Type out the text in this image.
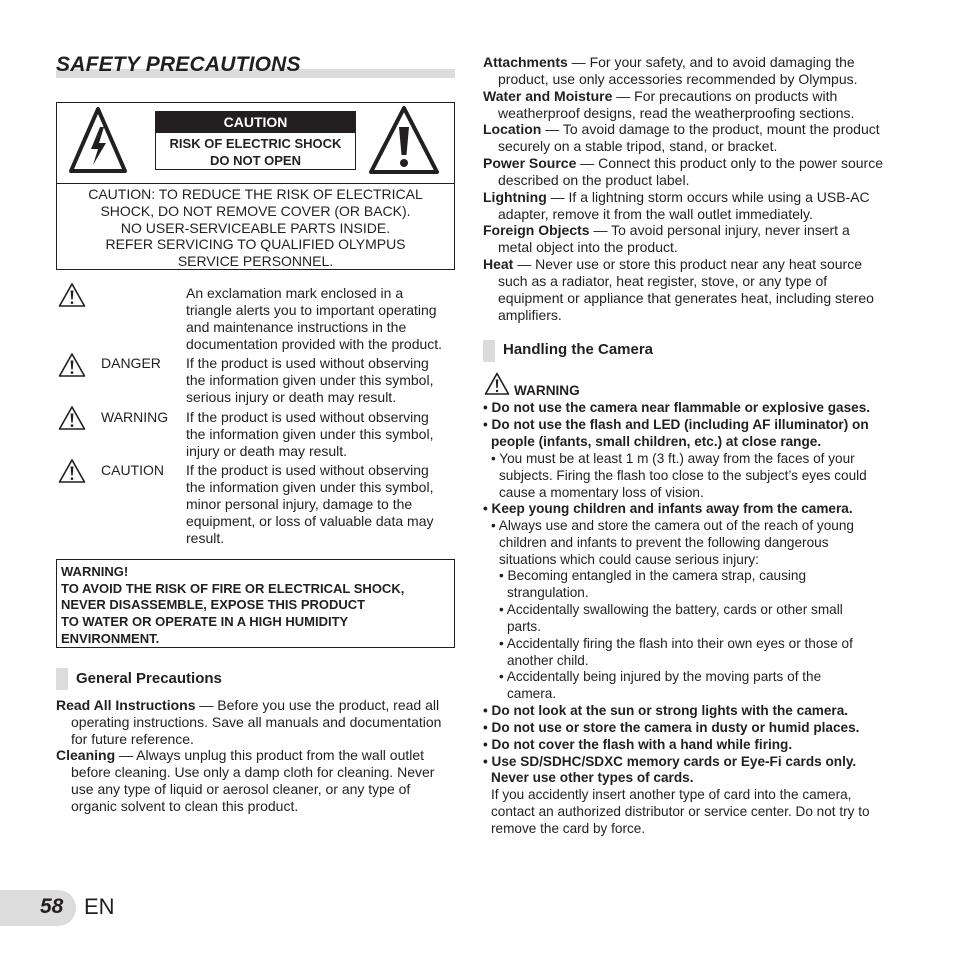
SAFETY PRECAUTIONS
CAUTION
RISK OF ELECTRIC SHOCK
DO NOT OPEN
CAUTION: TO REDUCE THE RISK OF ELECTRICAL
SHOCK, DO NOT REMOVE COVER (OR BACK).
NO USER-SERVICEABLE PARTS INSIDE.
REFER SERVICING TO QUALIFIED OLYMPUS
SERVICE PERSONNEL.
An exclamation mark enclosed in a
triangle alerts you to important operating
and maintenance instructions in the
documentation provided with the product.
DANGER If the product is used without observing
the information given under this symbol,
serious injury or death may result.
WARNING If the product is used without observing
the information given under this symbol,
injury or death may result.
CAUTION If the product is used without observing
the information given under this symbol,
minor personal injury, damage to the
equipment, or loss of valuable data may
result.
WARNING!
TO AVOID THE RISK OF FIRE OR ELECTRICAL SHOCK,
NEVER DISASSEMBLE, EXPOSE THIS PRODUCT
TO WATER OR OPERATE IN A HIGH HUMIDITY
ENVIRONMENT.
General Precautions
Read All Instructions — Before you use the product, read all operating instructions. Save all manuals and documentation for future reference.
Cleaning — Always unplug this product from the wall outlet before cleaning. Use only a damp cloth for cleaning. Never use any type of liquid or aerosol cleaner, or any type of organic solvent to clean this product.
Attachments — For your safety, and to avoid damaging the product, use only accessories recommended by Olympus.
Water and Moisture — For precautions on products with weatherproof designs, read the weatherproofing sections.
Location — To avoid damage to the product, mount the product securely on a stable tripod, stand, or bracket.
Power Source — Connect this product only to the power source described on the product label.
Lightning — If a lightning storm occurs while using a USB-AC adapter, remove it from the wall outlet immediately.
Foreign Objects — To avoid personal injury, never insert a metal object into the product.
Heat — Never use or store this product near any heat source such as a radiator, heat register, stove, or any type of equipment or appliance that generates heat, including stereo amplifiers.
Handling the Camera
WARNING
• Do not use the camera near flammable or explosive gases.
• Do not use the flash and LED (including AF illuminator) on
people (infants, small children, etc.) at close range.
• You must be at least 1 m (3 ft.) away from the faces of your subjects. Firing the flash too close to the subject’s eyes could cause a momentary loss of vision.
• Keep young children and infants away from the camera.
• Always use and store the camera out of the reach of young children and infants to prevent the following dangerous situations which could cause serious injury:
• Becoming entangled in the camera strap, causing strangulation.
• Accidentally swallowing the battery, cards or other small parts.
• Accidentally firing the flash into their own eyes or those of another child.
• Accidentally being injured by the moving parts of the camera.
• Do not look at the sun or strong lights with the camera.
• Do not use or store the camera in dusty or humid places.
• Do not cover the flash with a hand while firing.
• Use SD/SDHC/SDXC memory cards or Eye-Fi cards only.
Never use other types of cards.
If you accidently insert another type of card into the camera, contact an authorized distributor or service center. Do not try to remove the card by force.
58 EN
